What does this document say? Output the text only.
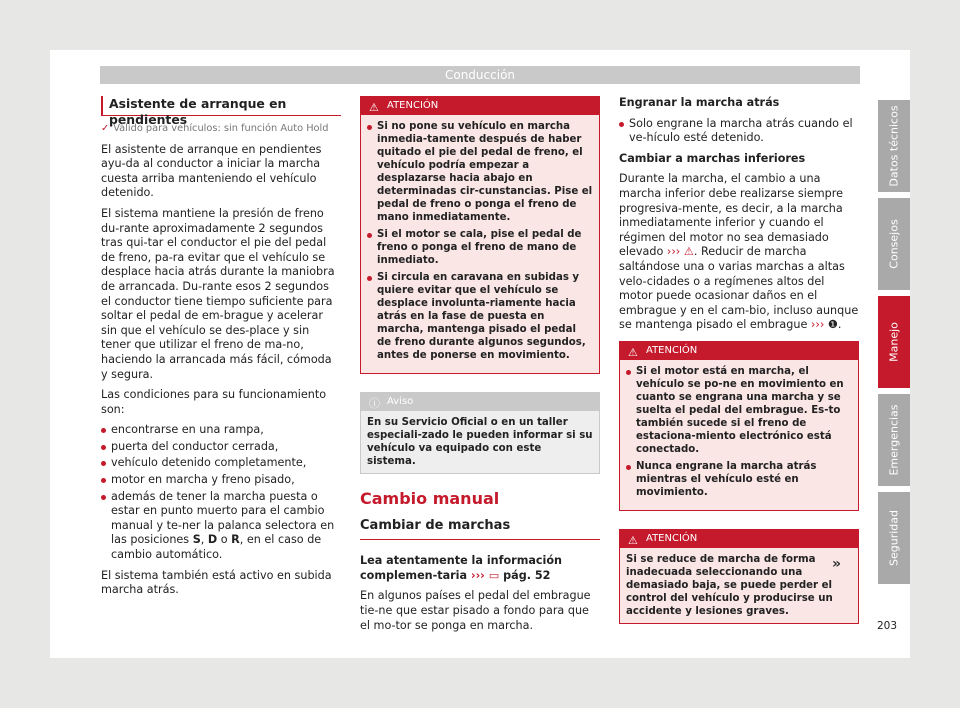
Conducción
Asistente de arranque en pendientes
✓ Válido para vehículos: sin función Auto Hold

El asistente de arranque en pendientes ayu-da al conductor a iniciar la marcha cuesta arriba manteniendo el vehículo detenido.

El sistema mantiene la presión de freno du-rante aproximadamente 2 segundos tras qui-tar el conductor el pie del pedal de freno, pa-ra evitar que el vehículo se desplace hacia atrás durante la maniobra de arrancada. Du-rante esos 2 segundos el conductor tiene tiempo suficiente para soltar el pedal de em-brague y acelerar sin que el vehículo se des-place y sin tener que utilizar el freno de ma-no, haciendo la arrancada más fácil, cómoda y segura.

Las condiciones para su funcionamiento son:

encontrarse en una rampa,
puerta del conductor cerrada,
vehículo detenido completamente,
motor en marcha y freno pisado,
además de tener la marcha puesta o estar en punto muerto para el cambio manual y te-ner la palanca selectora en las posiciones S, D o R, en el caso de cambio automático.

El sistema también está activo en subida marcha atrás.

⚠ ATENCIÓN
Si no pone su vehículo en marcha inmedia-tamente después de haber quitado el pie del pedal de freno, el vehículo podría empezar a desplazarse hacia abajo en determinadas cir-cunstancias. Pise el pedal de freno o ponga el freno de mano inmediatamente.
Si el motor se cala, pise el pedal de freno o ponga el freno de mano de inmediato.
Si circula en caravana en subidas y quiere evitar que el vehículo se desplace involunta-riamente hacia atrás en la fase de puesta en marcha, mantenga pisado el pedal de freno durante algunos segundos, antes de ponerse en movimiento.
ⓘ Aviso
En su Servicio Oficial o en un taller especiali-zado le pueden informar si su vehículo va equipado con este sistema.
Cambio manual
Cambiar de marchas

Lea atentamente la información complemen-taria ››› ▭ pág. 52

En algunos países el pedal del embrague tie-ne que estar pisado a fondo para que el mo-tor se ponga en marcha.

Engranar la marcha atrás

Solo engrane la marcha atrás cuando el ve-hículo esté detenido.

Cambiar a marchas inferiores

Durante la marcha, el cambio a una marcha inferior debe realizarse siempre progresiva-mente, es decir, a la marcha inmediatamente inferior y cuando el régimen del motor no sea demasiado elevado ››› ⚠. Reducir de marcha saltándose una o varias marchas a altas velo-cidades o a regímenes altos del motor puede ocasionar daños en el embrague y en el cam-bio, incluso aunque se mantenga pisado el embrague ››› ❶.

⚠ ATENCIÓN
Si el motor está en marcha, el vehículo se po-ne en movimiento en cuanto se engrana una marcha y se suelta el pedal del embrague. Es-to también sucede si el freno de estaciona-miento electrónico está conectado.
Nunca engrane la marcha atrás mientras el vehículo esté en movimiento.
⚠ ATENCIÓN
Si se reduce de marcha de forma inadecuada seleccionando una demasiado baja, se puede perder el control del vehículo y producirse un accidente y lesiones graves.
»
Datos técnicos
Consejos
Manejo
Emergencias
Seguridad
203
